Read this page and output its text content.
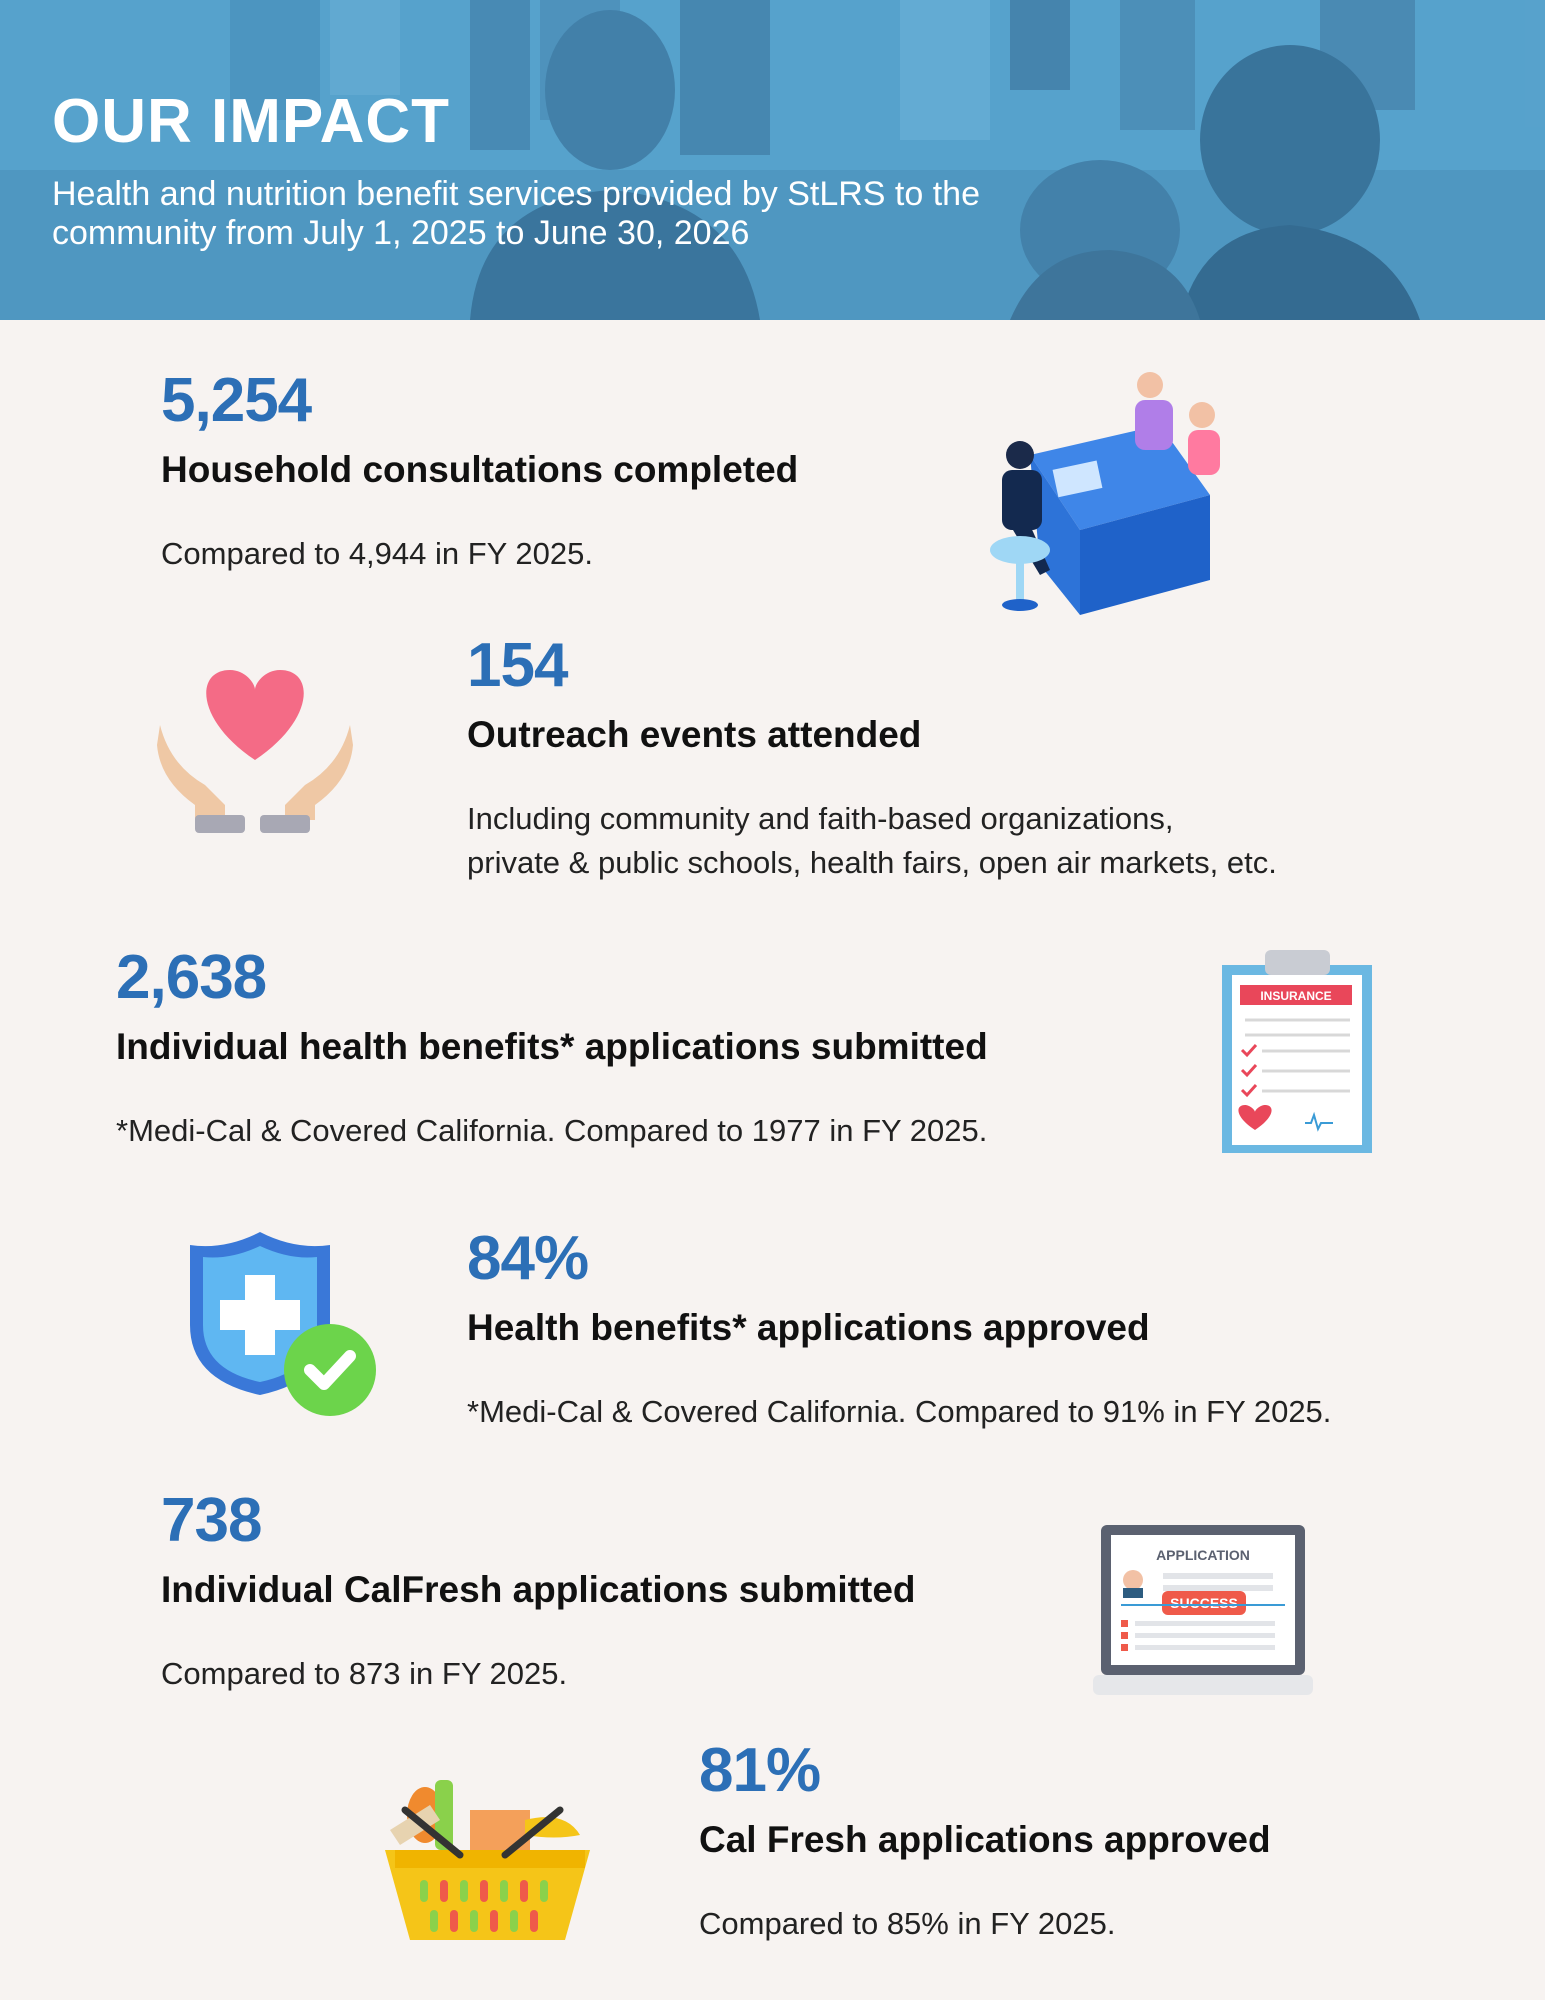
OUR IMPACT
Health and nutrition benefit services provided by StLRS to the community from July 1, 2025 to June 30, 2026
5,254
Household consultations completed
Compared to 4,944 in FY 2025.
154
Outreach events attended
Including community and faith-based organizations,
private & public schools, health fairs, open air markets, etc.
2,638
Individual health benefits* applications submitted
*Medi-Cal & Covered California. Compared to 1977 in FY 2025.
INSURANCE
84%
Health benefits* applications approved
*Medi-Cal & Covered California. Compared to 91% in FY 2025.
738
Individual CalFresh applications submitted
Compared to 873 in FY 2025.
APPLICATION
SUCCESS
81%
Cal Fresh applications approved
Compared to 85% in FY 2025.
